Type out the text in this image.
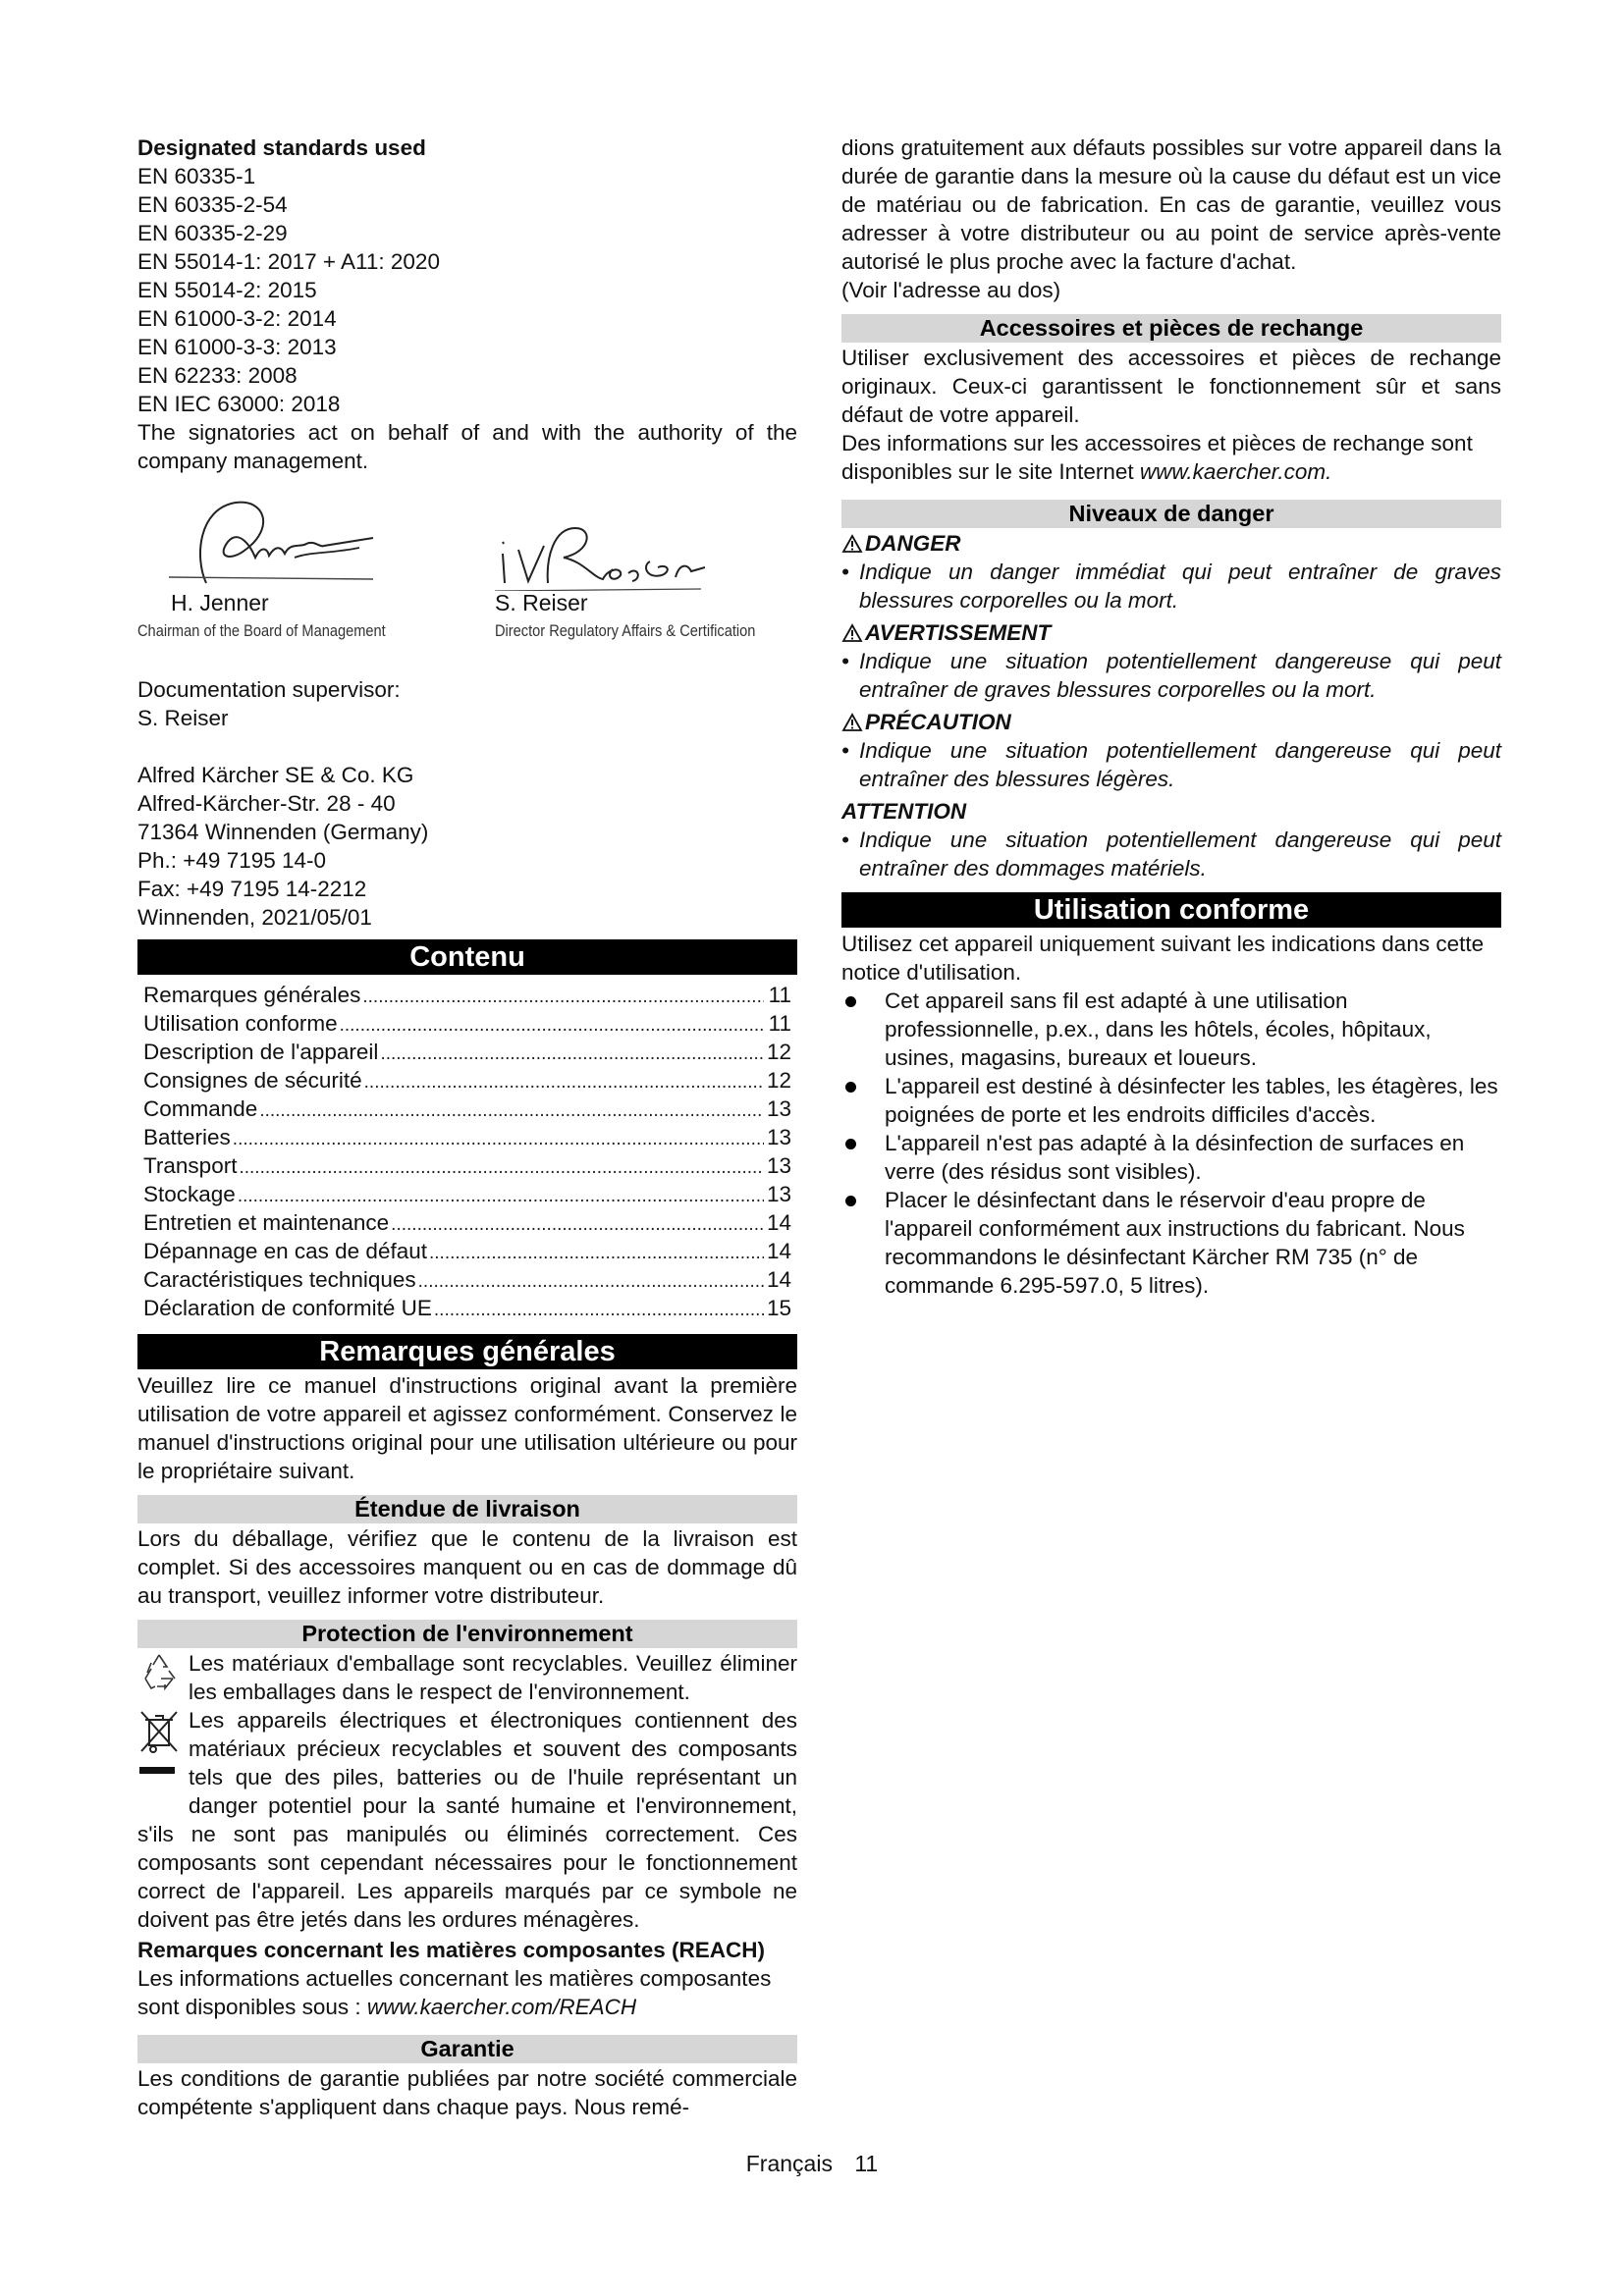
Designated standards used

EN 60335-1
EN 60335-2-54
EN 60335-2-29
EN 55014-1: 2017 + A11: 2020
EN 55014-2: 2015
EN 61000-3-2: 2014
EN 61000-3-3: 2013
EN 62233: 2008
EN IEC 63000: 2018

The signatories act on behalf of and with the authority of the company management.

H. Jenner
Chairman of the Board of Management
S. Reiser
Director Regulatory Affairs & Certification

Documentation supervisor:

S. Reiser

Alfred Kärcher SE & Co. KG

Alfred-Kärcher-Str. 28 - 40

71364 Winnenden (Germany)

Ph.: +49 7195 14-0

Fax: +49 7195 14-2212

Winnenden, 2021/05/01

Contenu
Remarques générales .....	11
Utilisation conforme .....	11
Description de l'appareil .....	12
Consignes de sécurité .....	12
Commande .....	13
Batteries .....	13
Transport .....	13
Stockage .....	13
Entretien et maintenance .....	14
Dépannage en cas de défaut .....	14
Caractéristiques techniques .....	14
Déclaration de conformité UE .....	15
Remarques générales

Veuillez lire ce manuel d'instructions original avant la première utilisation de votre appareil et agissez conformément. Conservez le manuel d'instructions original pour une utilisation ultérieure ou pour le propriétaire suivant.

Étendue de livraison

Lors du déballage, vérifiez que le contenu de la livraison est complet. Si des accessoires manquent ou en cas de dommage dû au transport, veuillez informer votre distributeur.

Protection de l'environnement
Les matériaux d'emballage sont recyclables. Veuillez éliminer les emballages dans le respect de l'environnement.

Les appareils électriques et électroniques contiennent des matériaux précieux recyclables et souvent des composants tels que des piles, batteries ou de l'huile représentant un danger potentiel pour la santé humaine et l'environnement, s'ils ne sont pas manipulés ou éliminés correctement. Ces composants sont cependant nécessaires pour le fonctionnement correct de l'appareil. Les appareils marqués par ce symbole ne doivent pas être jetés dans les ordures ménagères.

Remarques concernant les matières composantes (REACH)

Les informations actuelles concernant les matières composantes sont disponibles sous : www.kaercher.com/REACH

Garantie

Les conditions de garantie publiées par notre société commerciale compétente s'appliquent dans chaque pays. Nous remé-

dions gratuitement aux défauts possibles sur votre appareil dans la durée de garantie dans la mesure où la cause du défaut est un vice de matériau ou de fabrication. En cas de garantie, veuillez vous adresser à votre distributeur ou au point de service après-vente autorisé le plus proche avec la facture d'achat.

(Voir l'adresse au dos)

Accessoires et pièces de rechange

Utiliser exclusivement des accessoires et pièces de rechange originaux. Ceux-ci garantissent le fonctionnement sûr et sans défaut de votre appareil.

Des informations sur les accessoires et pièces de rechange sont disponibles sur le site Internet www.kaercher.com.

Niveaux de danger
DANGER
• Indique un danger immédiat qui peut entraîner de graves blessures corporelles ou la mort.
AVERTISSEMENT
• Indique une situation potentiellement dangereuse qui peut entraîner de graves blessures corporelles ou la mort.
PRÉCAUTION
• Indique une situation potentiellement dangereuse qui peut entraîner des blessures légères.
ATTENTION
• Indique une situation potentiellement dangereuse qui peut entraîner des dommages matériels.
Utilisation conforme

Utilisez cet appareil uniquement suivant les indications dans cette notice d'utilisation.

Cet appareil sans fil est adapté à une utilisation professionnelle, p.ex., dans les hôtels, écoles, hôpitaux, usines, magasins, bureaux et loueurs.
L'appareil est destiné à désinfecter les tables, les étagères, les poignées de porte et les endroits difficiles d'accès.
L'appareil n'est pas adapté à la désinfection de surfaces en verre (des résidus sont visibles).
Placer le désinfectant dans le réservoir d'eau propre de l'appareil conformément aux instructions du fabricant. Nous recommandons le désinfectant Kärcher RM 735 (n° de commande 6.295-597.0, 5 litres).
Français 11
